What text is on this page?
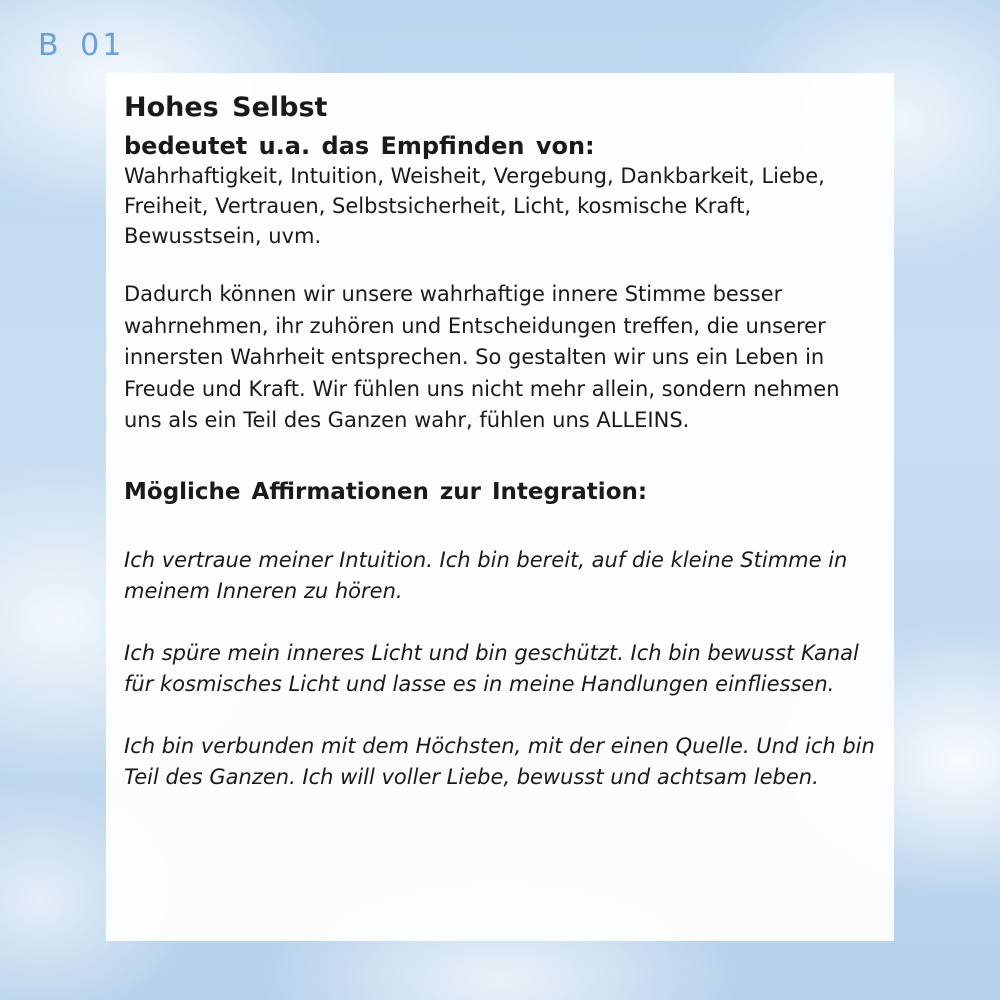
B 01
Hohes Selbst
bedeutet u.a. das Empfinden von:

Wahrhaftigkeit, Intuition, Weisheit, Vergebung, Dankbarkeit, Liebe, Freiheit, Vertrauen, Selbstsicherheit, Licht, kosmische Kraft, Bewusstsein, uvm.

Dadurch können wir unsere wahrhaftige innere Stimme besser wahrnehmen, ihr zuhören und Entscheidungen treffen, die unserer innersten Wahrheit entsprechen. So gestalten wir uns ein Leben in Freude und Kraft. Wir fühlen uns nicht mehr allein, sondern nehmen uns als ein Teil des Ganzen wahr, fühlen uns ALLEINS.

Mögliche Affirmationen zur Integration:

Ich vertraue meiner Intuition. Ich bin bereit, auf die kleine Stimme in meinem Inneren zu hören.

Ich spüre mein inneres Licht und bin geschützt. Ich bin bewusst Kanal für kosmisches Licht und lasse es in meine Handlungen einfliessen.

Ich bin verbunden mit dem Höchsten, mit der einen Quelle. Und ich bin Teil des Ganzen. Ich will voller Liebe, bewusst und achtsam leben.
